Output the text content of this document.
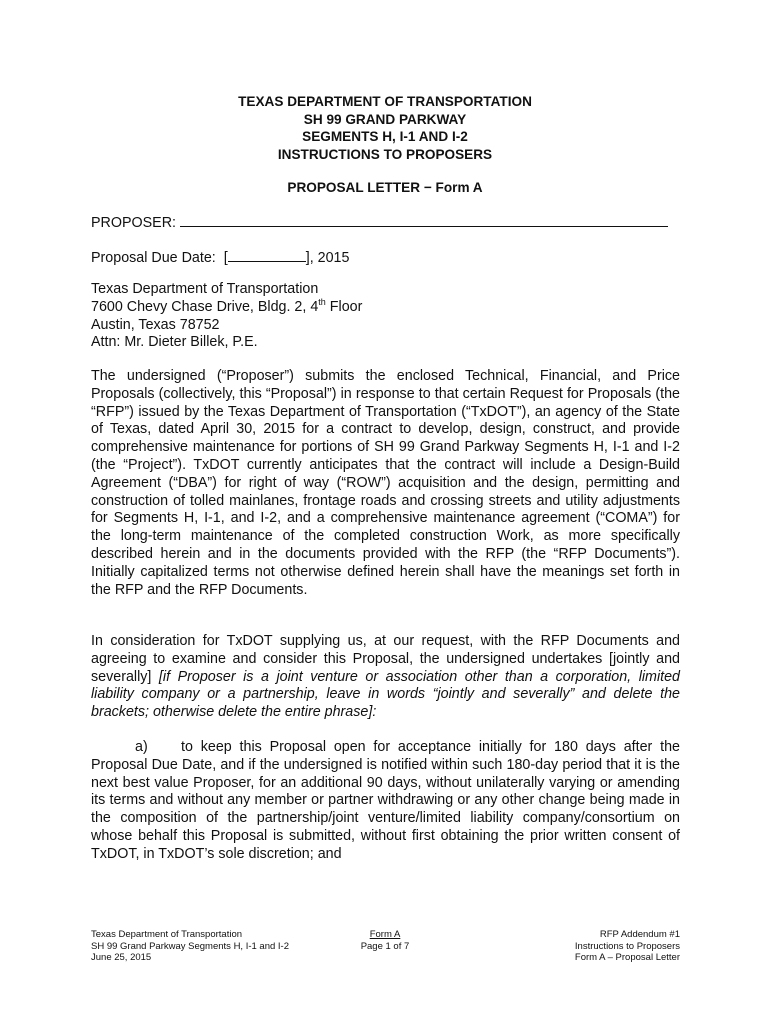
TEXAS DEPARTMENT OF TRANSPORTATION
SH 99 GRAND PARKWAY
SEGMENTS H, I-1 AND I-2
INSTRUCTIONS TO PROPOSERS
PROPOSAL LETTER − Form A
PROPOSER:
Proposal Due Date: [	], 2015
Texas Department of Transportation
7600 Chevy Chase Drive, Bldg. 2, 4th Floor
Austin, Texas 78752
Attn: Mr. Dieter Billek, P.E.
The undersigned (“Proposer”) submits the enclosed Technical, Financial, and Price Proposals (collectively, this “Proposal”) in response to that certain Request for Proposals (the “RFP”) issued by the Texas Department of Transportation (“TxDOT”), an agency of the State of Texas, dated April 30, 2015 for a contract to develop, design, construct, and provide comprehensive maintenance for portions of SH 99 Grand Parkway Segments H, I-1 and I-2 (the “Project”). TxDOT currently anticipates that the contract will include a Design-Build Agreement (“DBA”) for right of way (“ROW”) acquisition and the design, permitting and construction of tolled mainlanes, frontage roads and crossing streets and utility adjustments for Segments H, I-1, and I-2, and a comprehensive maintenance agreement (“COMA”) for the long-term maintenance of the completed construction Work, as more specifically described herein and in the documents provided with the RFP (the “RFP Documents”). Initially capitalized terms not otherwise defined herein shall have the meanings set forth in the RFP and the RFP Documents.
In consideration for TxDOT supplying us, at our request, with the RFP Documents and agreeing to examine and consider this Proposal, the undersigned undertakes [jointly and severally] [if Proposer is a joint venture or association other than a corporation, limited liability company or a partnership, leave in words “jointly and severally” and delete the brackets; otherwise delete the entire phrase]:
a) to keep this Proposal open for acceptance initially for 180 days after the Proposal Due Date, and if the undersigned is notified within such 180-day period that it is the next best value Proposer, for an additional 90 days, without unilaterally varying or amending its terms and without any member or partner withdrawing or any other change being made in the composition of the partnership/joint venture/limited liability company/consortium on whose behalf this Proposal is submitted, without first obtaining the prior written consent of TxDOT, in TxDOT’s sole discretion; and
Texas Department of Transportation
SH 99 Grand Parkway Segments H, I-1 and I-2
June 25, 2015
Form A
Page 1 of 7
RFP Addendum #1
Instructions to Proposers
Form A – Proposal Letter
